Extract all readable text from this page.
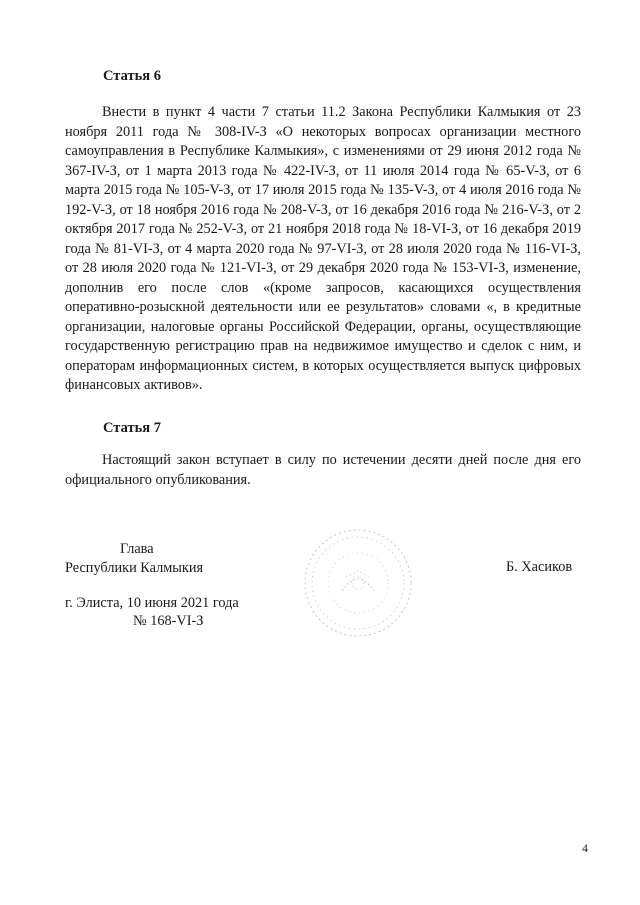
Статья 6

Внести в пункт 4 части 7 статьи 11.2 Закона Республики Калмыкия от 23 ноября 2011 года № 308-IV-З «О некоторых вопросах организации местного самоуправления в Республике Калмыкия», с изменениями от 29 июня 2012 года № 367-IV-З, от 1 марта 2013 года № 422-IV-З, от 11 июля 2014 года № 65-V-З, от 6 марта 2015 года № 105-V-З, от 17 июля 2015 года № 135-V-З, от 4 июля 2016 года № 192-V-З, от 18 ноября 2016 года № 208-V-З, от 16 декабря 2016 года № 216-V-З, от 2 октября 2017 года № 252-V-З, от 21 ноября 2018 года № 18-VI-З, от 16 декабря 2019 года № 81-VI-З, от 4 марта 2020 года № 97-VI-З, от 28 июля 2020 года № 116-VI-З, от 28 июля 2020 года № 121-VI-З, от 29 декабря 2020 года № 153-VI-З, изменение, дополнив его после слов «(кроме запросов, касающихся осуществления оперативно-розыскной деятельности или ее результатов» словами «, в кредитные организации, налоговые органы Российской Федерации, органы, осуществляющие государственную регистрацию прав на недвижимое имущество и сделок с ним, и операторам информационных систем, в которых осуществляется выпуск цифровых финансовых активов».

Статья 7

Настоящий закон вступает в силу по истечении десяти дней после дня его официального опубликования.

Глава
Республики Калмыкия	Б. Хасиков
г. Элиста, 10 июня 2021 года
№ 168-VI-З
4
